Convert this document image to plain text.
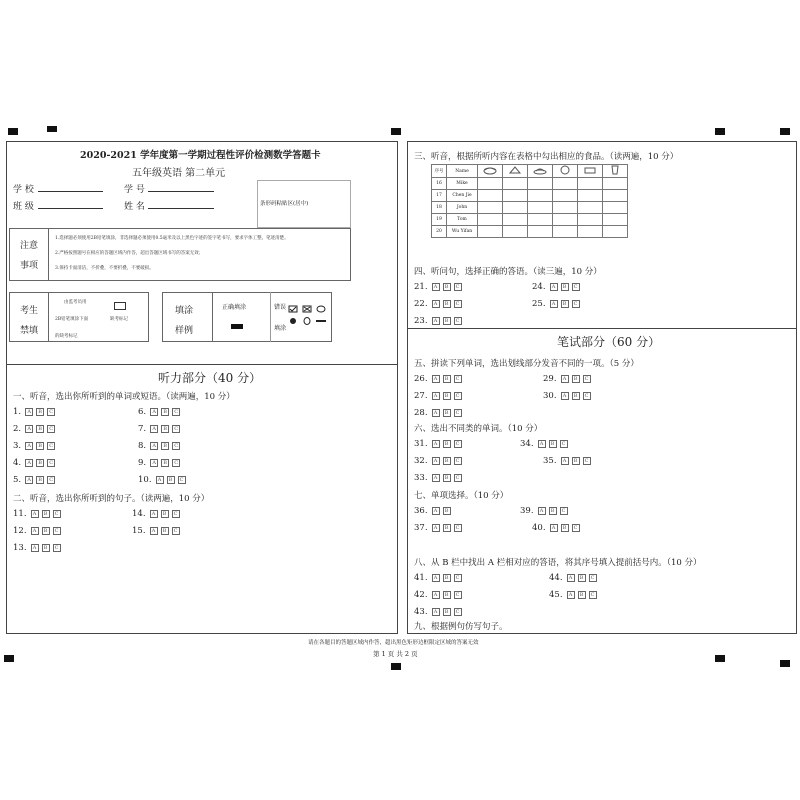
2020-2021 学年度第一学期过程性评价检测数学答题卡
五年级英语 第二单元
学 校	学 号
班 级	姓 名	条形码粘贴区(居中)
注意
事项
1.选择题必须使用2B铅笔填涂，非选择题必须使用0.5毫米及以上黑色字迹的签字笔书写，要求字体工整、笔迹清楚。
2.严格按照题号在相应的答题区域内作答，超出答题区域书写的答案无效；
3.保持卡面清洁，不折叠，不要折叠，不要破损。
考生
禁填
由监考员用
2B铅笔填涂下面
的缺考标记
缺考标记
填涂
样例
正确填涂	错误
填涂
听力部分（40 分）
一、听音，选出你所听到的单词或短语。（读两遍，10 分）
1. A B C
2. A B C
3. A B C
4. A B C
5. A B C
6. A B C
7. A B C
8. A B C
9. A B C
10. A B C
二、听音，选出你所听到的句子。（读两遍，10 分）
11. A B C
12. A B C
13. A B C
14. A B C
15. A B C
三、听音，根据所听内容在表格中勾出相应的食品。（读两遍，10 分）
序号	Name						
16	Mike						
17	Chen Jie						
18	John						
19	Tom						
20	Wu Yifan						
四、听问句，选择正确的答语。（读三遍，10 分）
21. A B C
22. A B C
23. A B C
24. A B C
25. A B C
笔试部分（60 分）
五、拼读下列单词，选出划线部分发音不同的一项。（5 分）
26. A B C
27. A B C
28. A B C
29. A B C
30. A B C
六、选出不同类的单词。（10 分）
31. A B C
32. A B C
33. A B C
34. A B C
35. A B C
七、单项选择。（10 分）
36. A B
37. A B C
39. A B C
40. A B C
八、从 B 栏中找出 A 栏相对应的答语，将其序号填入提前括号内。（10 分）
41. A B C
42. A B C
43. A B C
44. A B C
45. A B C
九、根据例句仿写句子。
请在各题目的答题区域内作答，超出黑色矩形边框限定区域的答案无效
第 1 页 共 2 页
